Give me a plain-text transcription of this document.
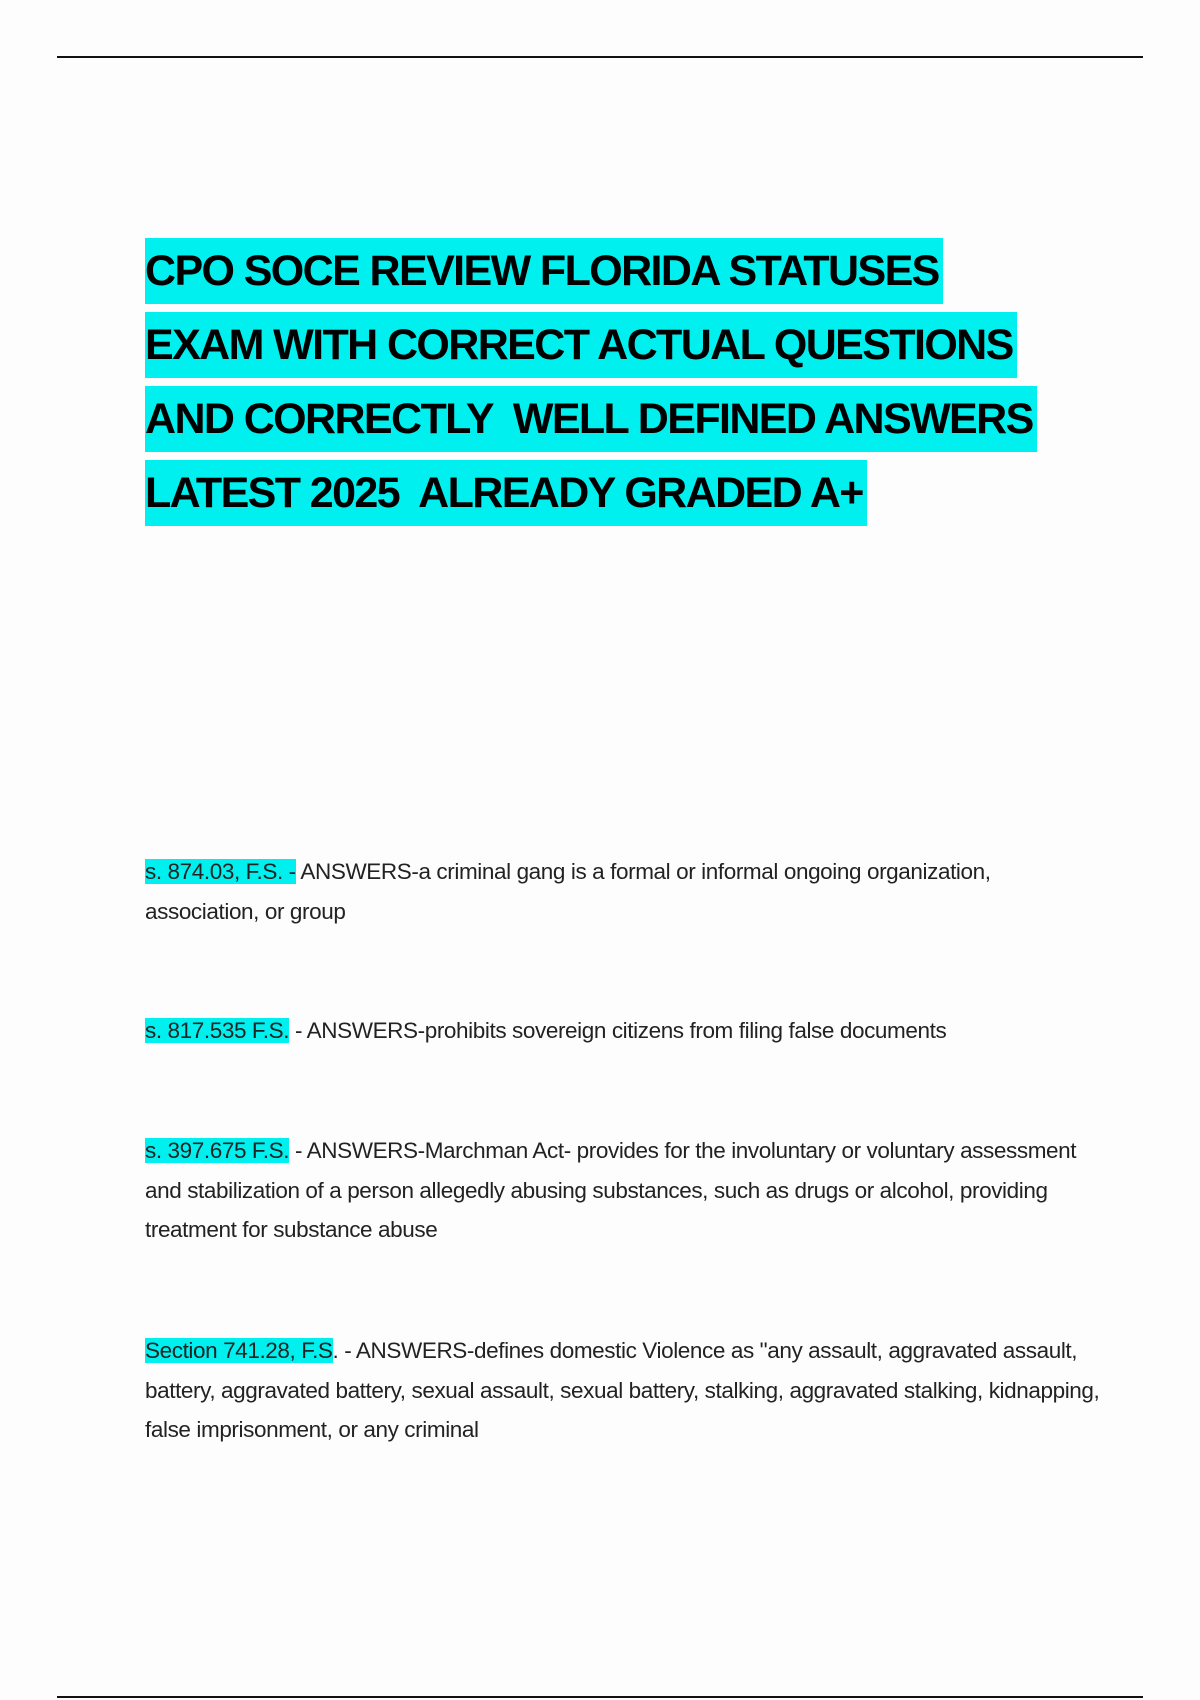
CPO SOCE REVIEW FLORIDA STATUSES
EXAM WITH CORRECT ACTUAL QUESTIONS
AND CORRECTLY  WELL DEFINED ANSWERS
LATEST 2025  ALREADY GRADED A+

s. 874.03, F.S. - ANSWERS-a criminal gang is a formal or informal ongoing organization, association, or group

s. 817.535 F.S. - ANSWERS-prohibits sovereign citizens from filing false documents

s. 397.675 F.S. - ANSWERS-Marchman Act- provides for the involuntary or voluntary assessment and stabilization of a person allegedly abusing substances, such as drugs or alcohol, providing treatment for substance abuse

Section 741.28, F.S. - ANSWERS-defines domestic Violence as "any assault, aggravated assault, battery, aggravated battery, sexual assault, sexual battery, stalking, aggravated stalking, kidnapping, false imprisonment, or any criminal
